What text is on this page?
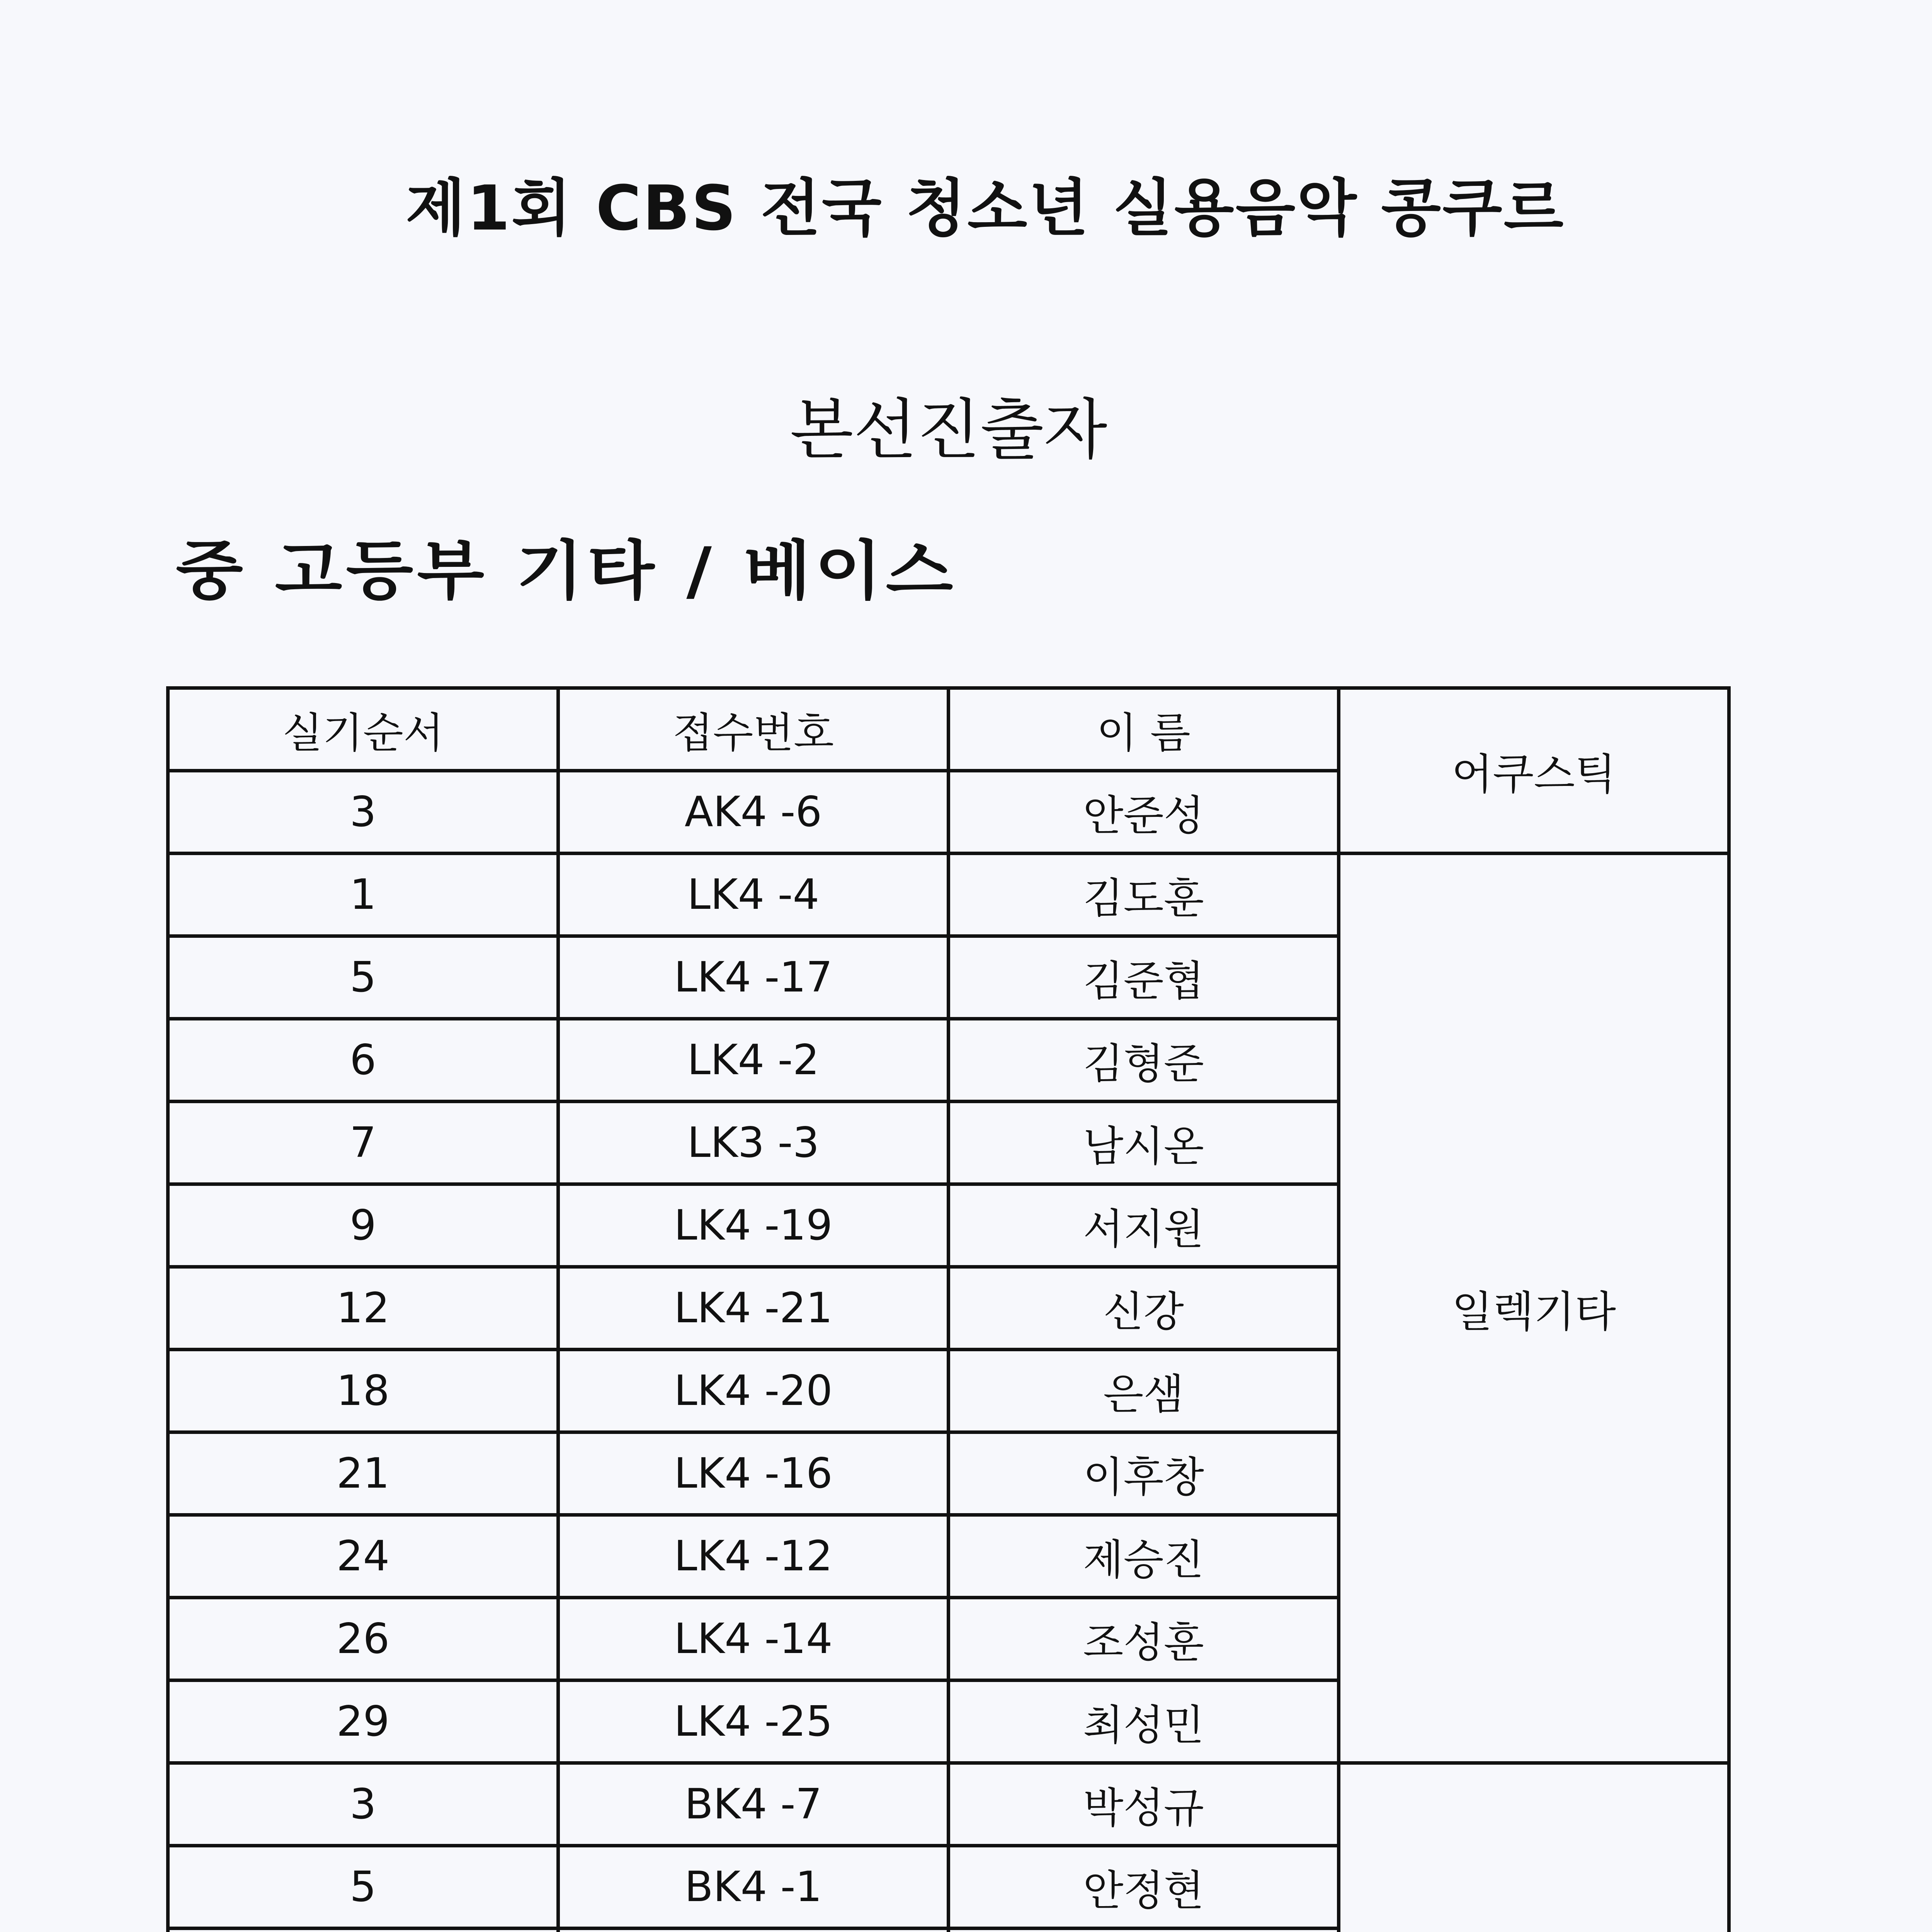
제1회 CBS 전국 청소년 실용음악 콩쿠르
본선진출자
중 고등부 기타 / 베이스
실기순서	접수번호	이 름	어쿠스틱
3	AK4 -6	안준성	
1	LK4 -4	김도훈	일렉기타
5	LK4 -17	김준협	
6	LK4 -2	김형준	
7	LK3 -3	남시온	
9	LK4 -19	서지원	
12	LK4 -21	신강	
18	LK4 -20	은샘	
21	LK4 -16	이후창	
24	LK4 -12	제승진	
26	LK4 -14	조성훈	
29	LK4 -25	최성민	
3	BK4 -7	박성규	
5	BK4 -1	안정현	
